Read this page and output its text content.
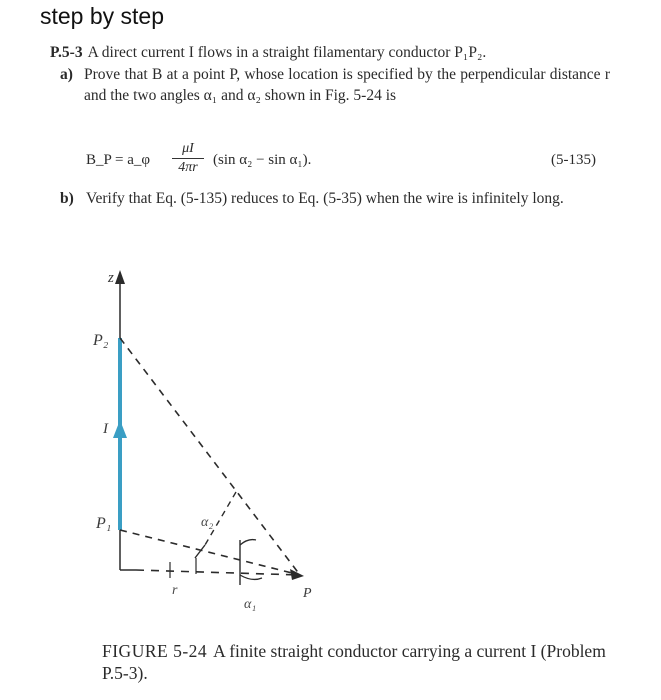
step by step
P.5-3 A direct current I flows in a straight filamentary conductor P₁P₂.
a) Prove that B at a point P, whose location is specified by the perpendicular distance r and the two angles α₁ and α₂ shown in Fig. 5-24 is
B_P = a_φ
μI
4πr	(sin α₂ − sin α₁).	(5-135)
b) Verify that Eq. (5-135) reduces to Eq. (5-35) when the wire is infinitely long.
z
P₂
I
P₁	α₂
α₁
r	P
FIGURE 5-24 A finite straight conductor carrying a current I (Problem P.5-3).
